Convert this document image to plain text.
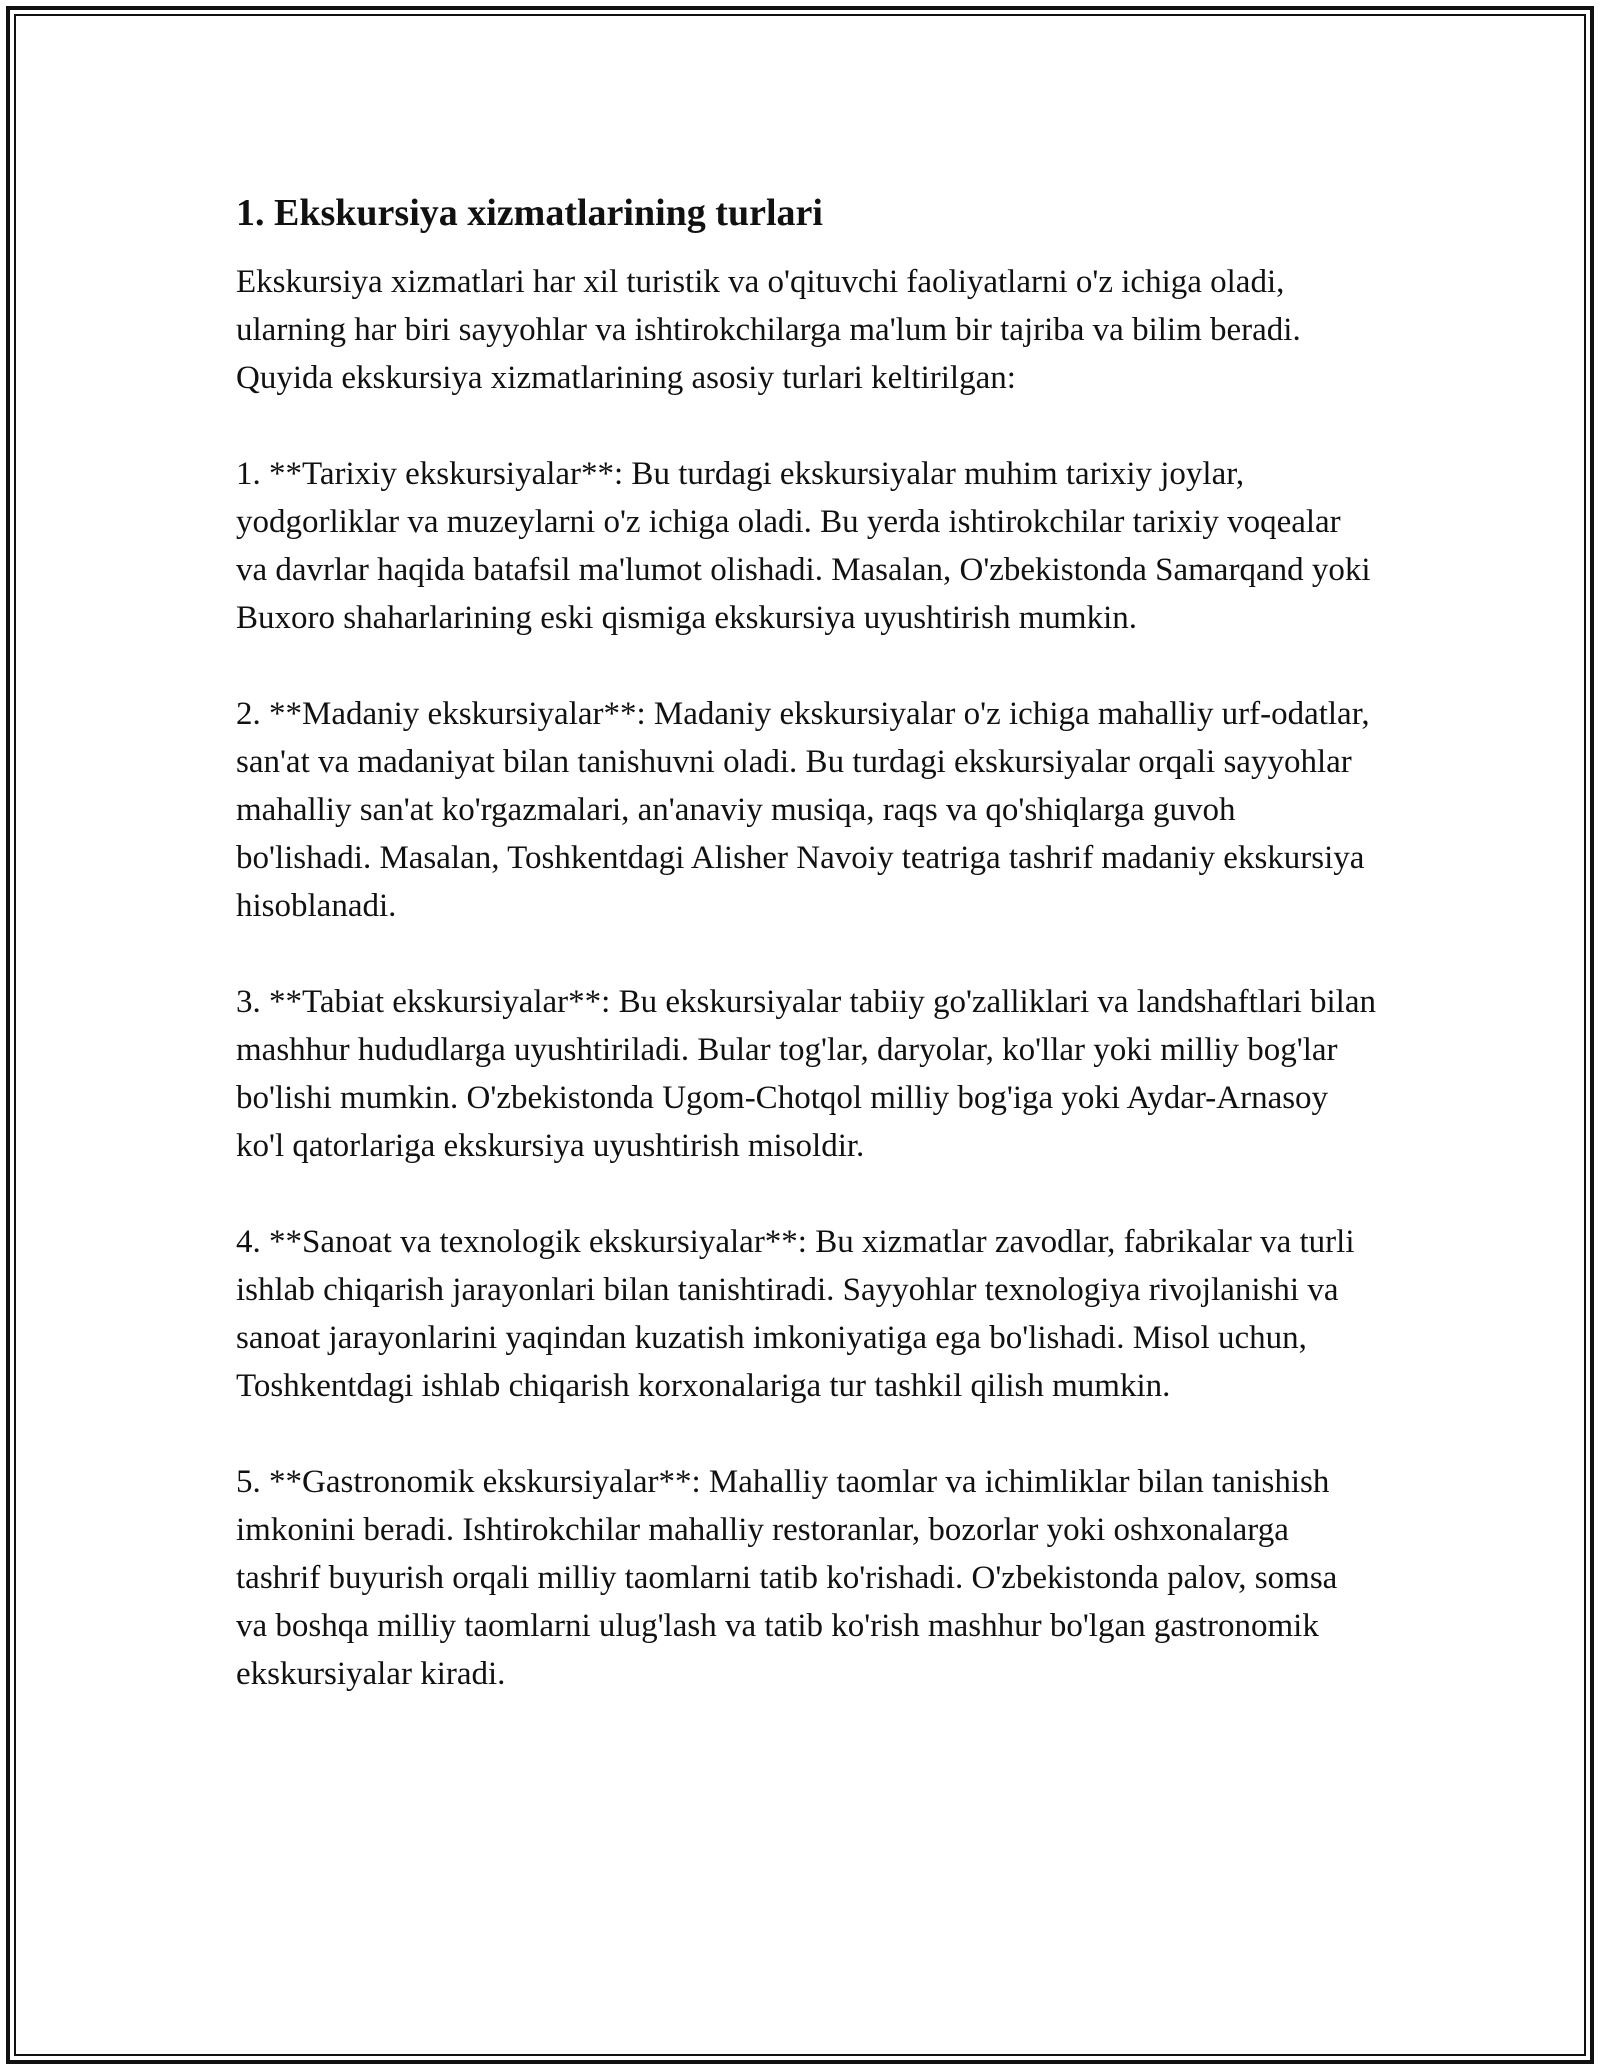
1. Ekskursiya xizmatlarining turlari

Ekskursiya xizmatlari har xil turistik va o'qituvchi faoliyatlarni o'z ichiga oladi, ularning har biri sayyohlar va ishtirokchilarga ma'lum bir tajriba va bilim beradi. Quyida ekskursiya xizmatlarining asosiy turlari keltirilgan:

1. **Tarixiy ekskursiyalar**: Bu turdagi ekskursiyalar muhim tarixiy joylar, yodgorliklar va muzeylarni o'z ichiga oladi. Bu yerda ishtirokchilar tarixiy voqealar va davrlar haqida batafsil ma'lumot olishadi. Masalan, O'zbekistonda Samarqand yoki Buxoro shaharlarining eski qismiga ekskursiya uyushtirish mumkin.

2. **Madaniy ekskursiyalar**: Madaniy ekskursiyalar o'z ichiga mahalliy urf-odatlar, san'at va madaniyat bilan tanishuvni oladi. Bu turdagi ekskursiyalar orqali sayyohlar mahalliy san'at ko'rgazmalari, an'anaviy musiqa, raqs va qo'shiqlarga guvoh bo'lishadi. Masalan, Toshkentdagi Alisher Navoiy teatriga tashrif madaniy ekskursiya hisoblanadi.

3. **Tabiat ekskursiyalar**: Bu ekskursiyalar tabiiy go'zalliklari va landshaftlari bilan mashhur hududlarga uyushtiriladi. Bular tog'lar, daryolar, ko'llar yoki milliy bog'lar bo'lishi mumkin. O'zbekistonda Ugom-Chotqol milliy bog'iga yoki Aydar-Arnasoy ko'l qatorlariga ekskursiya uyushtirish misoldir.

4. **Sanoat va texnologik ekskursiyalar**: Bu xizmatlar zavodlar, fabrikalar va turli ishlab chiqarish jarayonlari bilan tanishtiradi. Sayyohlar texnologiya rivojlanishi va sanoat jarayonlarini yaqindan kuzatish imkoniyatiga ega bo'lishadi. Misol uchun, Toshkentdagi ishlab chiqarish korxonalariga tur tashkil qilish mumkin.

5. **Gastronomik ekskursiyalar**: Mahalliy taomlar va ichimliklar bilan tanishish imkonini beradi. Ishtirokchilar mahalliy restoranlar, bozorlar yoki oshxonalarga tashrif buyurish orqali milliy taomlarni tatib ko'rishadi. O'zbekistonda palov, somsa va boshqa milliy taomlarni ulug'lash va tatib ko'rish mashhur bo'lgan gastronomik ekskursiyalar kiradi.
